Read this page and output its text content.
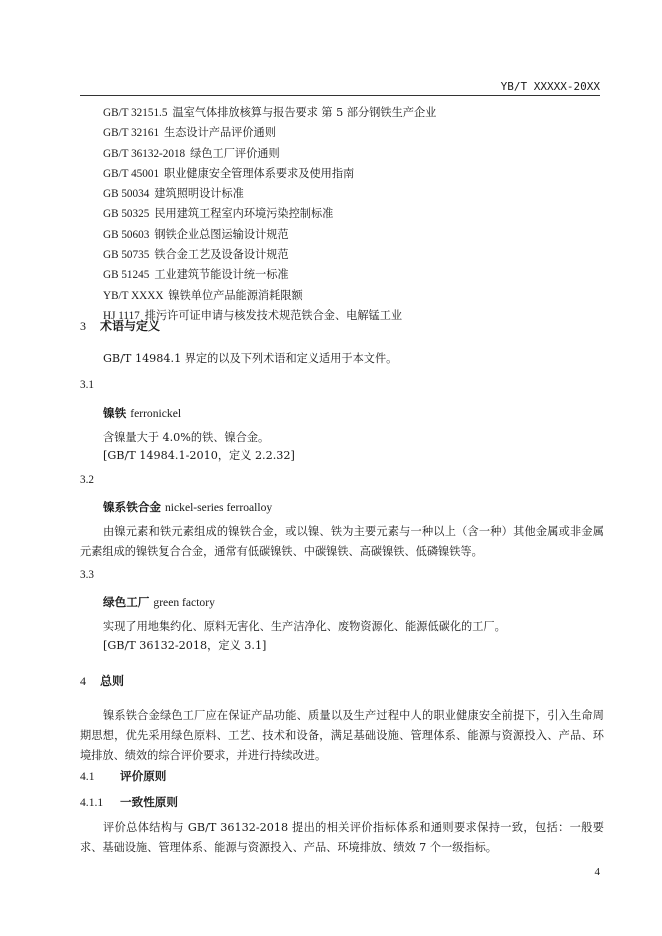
YB/T XXXXX-20XX
GB/T 32151.5 温室气体排放核算与报告要求 第 5 部分钢铁生产企业
GB/T 32161 生态设计产品评价通则
GB/T 36132-2018 绿色工厂评价通则
GB/T 45001 职业健康安全管理体系要求及使用指南
GB 50034 建筑照明设计标准
GB 50325 民用建筑工程室内环境污染控制标准
GB 50603 钢铁企业总图运输设计规范
GB 50735 铁合金工艺及设备设计规范
GB 51245 工业建筑节能设计统一标准
YB/T XXXX 镍铁单位产品能源消耗限额
HJ 1117 排污许可证申请与核发技术规范铁合金、电解锰工业
3 术语与定义
GB/T 14984.1 界定的以及下列术语和定义适用于本文件。
3.1
镍铁 ferronickel
含镍量大于 4.0%的铁、镍合金。
[GB/T 14984.1-2010，定义 2.2.32]
3.2
镍系铁合金 nickel-series ferroalloy
由镍元素和铁元素组成的镍铁合金，或以镍、铁为主要元素与一种以上（含一种）其他金属或非金属元素组成的镍铁复合合金，通常有低碳镍铁、中碳镍铁、高碳镍铁、低磷镍铁等。
3.3
绿色工厂 green factory
实现了用地集约化、原料无害化、生产洁净化、废物资源化、能源低碳化的工厂。
[GB/T 36132-2018，定义 3.1]
4 总则
镍系铁合金绿色工厂应在保证产品功能、质量以及生产过程中人的职业健康安全前提下，引入生命周期思想，优先采用绿色原料、工艺、技术和设备，满足基础设施、管理体系、能源与资源投入、产品、环境排放、绩效的综合评价要求，并进行持续改进。
4.1 评价原则
4.1.1 一致性原则
评价总体结构与 GB/T 36132-2018 提出的相关评价指标体系和通则要求保持一致，包括：一般要求、基础设施、管理体系、能源与资源投入、产品、环境排放、绩效 7 个一级指标。
4
